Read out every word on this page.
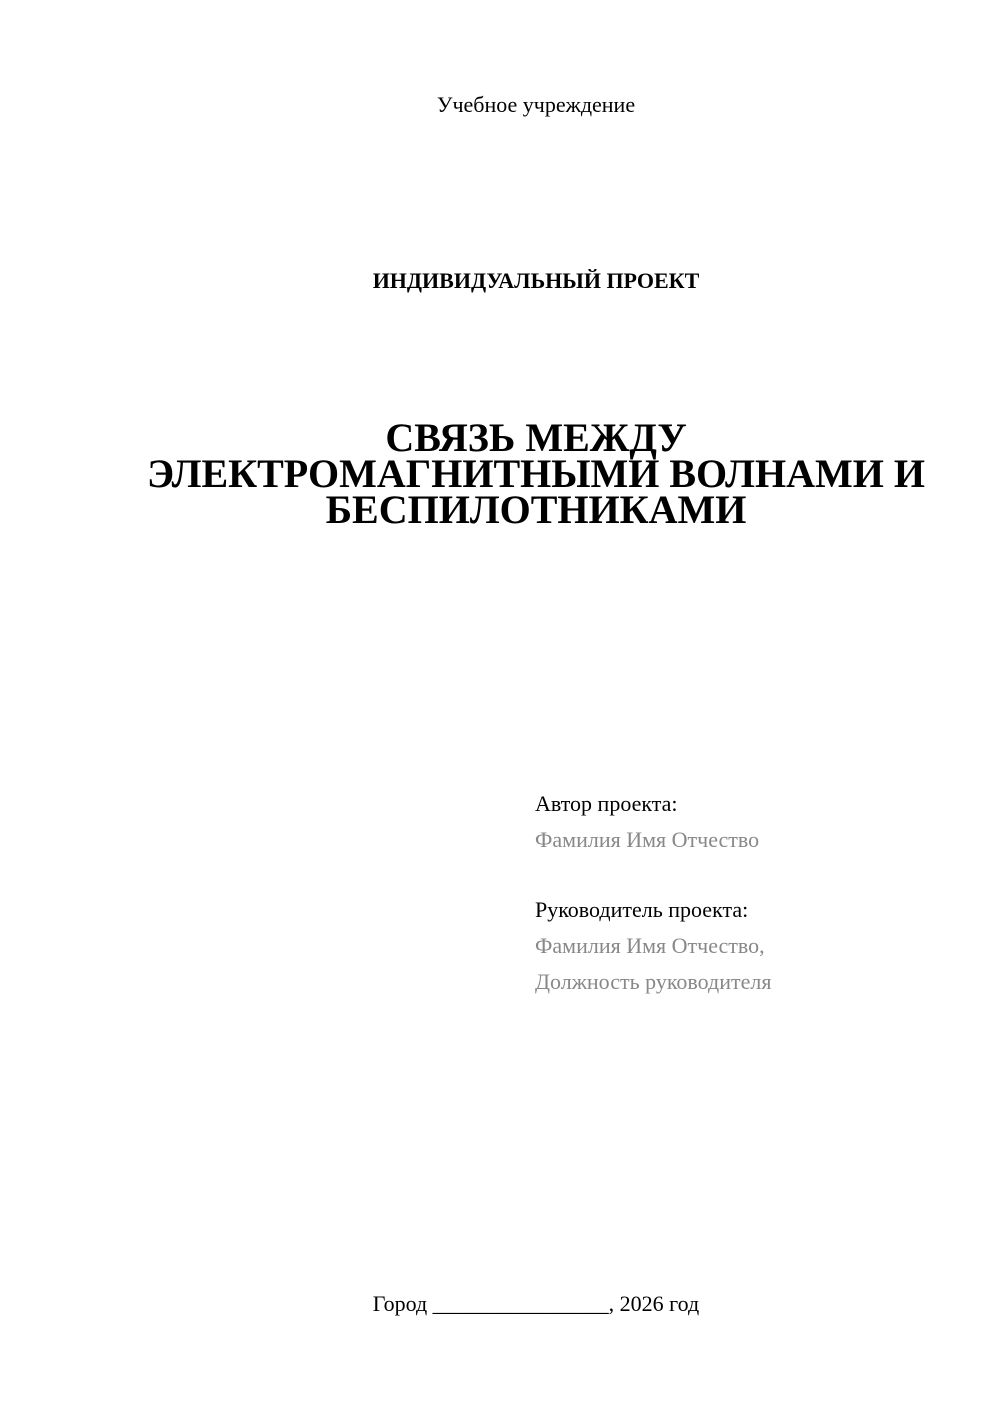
Учебное учреждение
ИНДИВИДУАЛЬНЫЙ ПРОЕКТ
СВЯЗЬ МЕЖДУ
ЭЛЕКТРОМАГНИТНЫМИ ВОЛНАМИ И
БЕСПИЛОТНИКАМИ
Автор проекта:
Фамилия Имя Отчество
Руководитель проекта:
Фамилия Имя Отчество,
Должность руководителя
Город ________________, 2026 год
